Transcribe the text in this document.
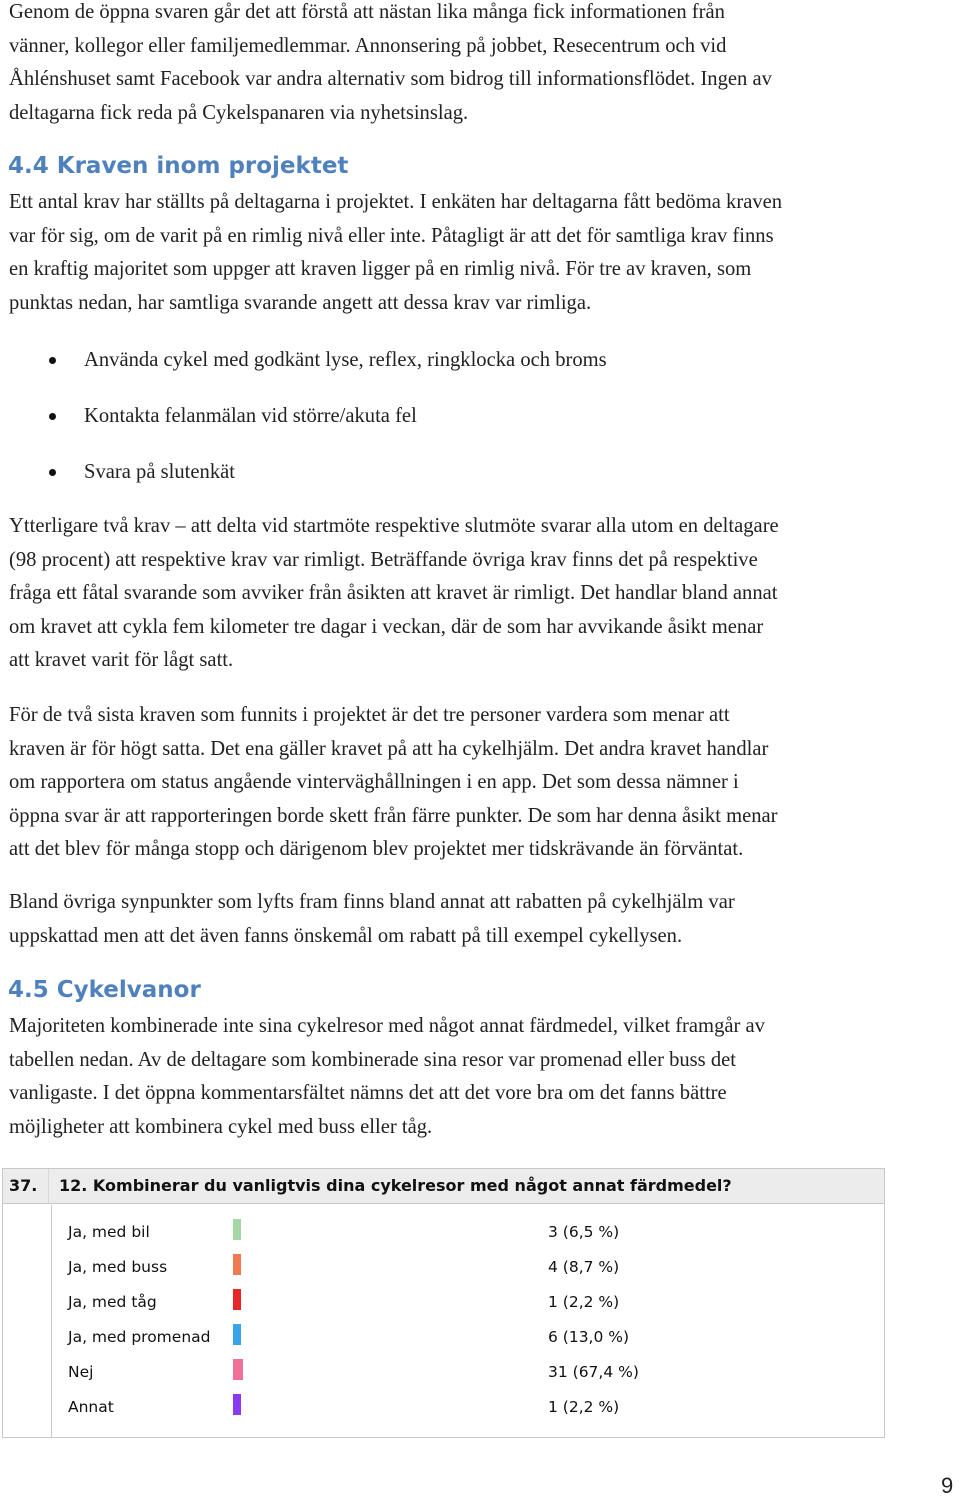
Genom de öppna svaren går det att förstå att nästan lika många fick informationen från
vänner, kollegor eller familjemedlemmar. Annonsering på jobbet, Resecentrum och vid
Åhlénshuset samt Facebook var andra alternativ som bidrog till informationsflödet. Ingen av
deltagarna fick reda på Cykelspanaren via nyhetsinslag.
4.4 Kraven inom projektet
Ett antal krav har ställts på deltagarna i projektet. I enkäten har deltagarna fått bedöma kraven
var för sig, om de varit på en rimlig nivå eller inte. Påtagligt är att det för samtliga krav finns
en kraftig majoritet som uppger att kraven ligger på en rimlig nivå. För tre av kraven, som
punktas nedan, har samtliga svarande angett att dessa krav var rimliga.
Använda cykel med godkänt lyse, reflex, ringklocka och broms
Kontakta felanmälan vid större/akuta fel
Svara på slutenkät
Ytterligare två krav – att delta vid startmöte respektive slutmöte svarar alla utom en deltagare
(98 procent) att respektive krav var rimligt. Beträffande övriga krav finns det på respektive
fråga ett fåtal svarande som avviker från åsikten att kravet är rimligt. Det handlar bland annat
om kravet att cykla fem kilometer tre dagar i veckan, där de som har avvikande åsikt menar
att kravet varit för lågt satt.
För de två sista kraven som funnits i projektet är det tre personer vardera som menar att
kraven är för högt satta. Det ena gäller kravet på att ha cykelhjälm. Det andra kravet handlar
om rapportera om status angående vinterväghållningen i en app. Det som dessa nämner i
öppna svar är att rapporteringen borde skett från färre punkter. De som har denna åsikt menar
att det blev för många stopp och därigenom blev projektet mer tidskrävande än förväntat.
Bland övriga synpunkter som lyfts fram finns bland annat att rabatten på cykelhjälm var
uppskattad men att det även fanns önskemål om rabatt på till exempel cykellysen.
4.5 Cykelvanor
Majoriteten kombinerade inte sina cykelresor med något annat färdmedel, vilket framgår av
tabellen nedan. Av de deltagare som kombinerade sina resor var promenad eller buss det
vanligaste. I det öppna kommentarsfältet nämns det att det vore bra om det fanns bättre
möjligheter att kombinera cykel med buss eller tåg.
37.	12. Kombinerar du vanligtvis dina cykelresor med något annat färdmedel?
Ja, med bil	3 (6,5 %)
Ja, med buss	4 (8,7 %)
Ja, med tåg	1 (2,2 %)
Ja, med promenad	6 (13,0 %)
Nej	31 (67,4 %)
Annat	1 (2,2 %)
9
